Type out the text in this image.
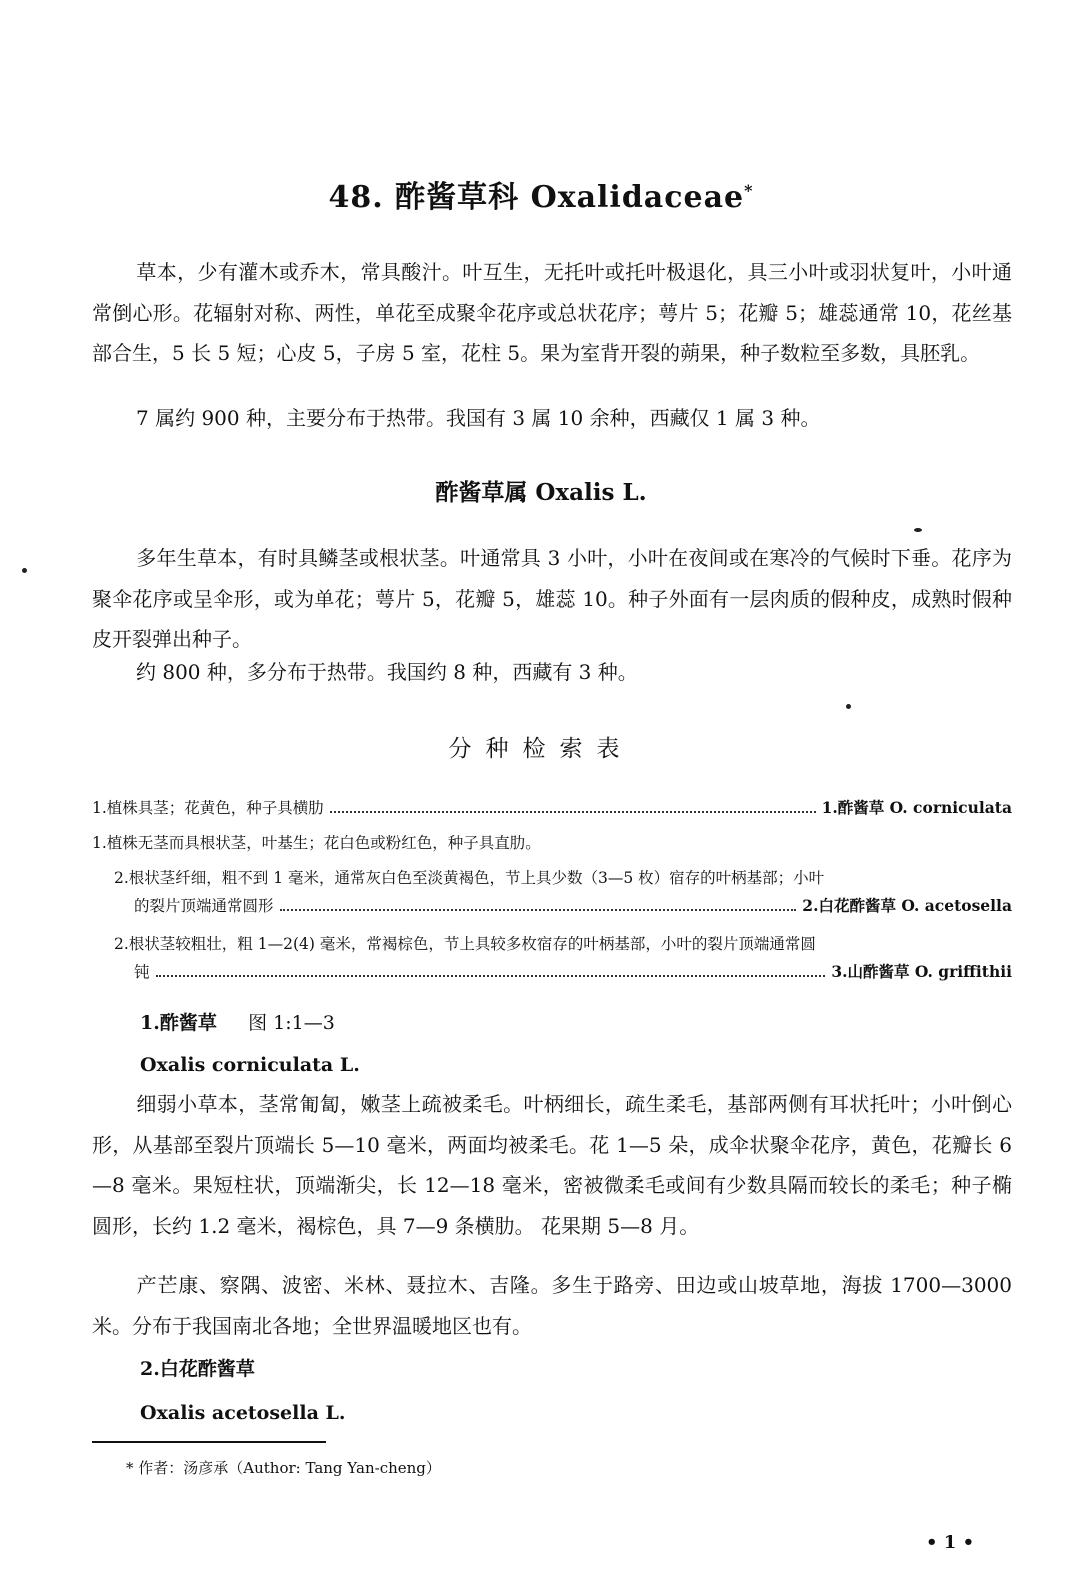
48. 酢酱草科 Oxalidaceae*
草本，少有灌木或乔木，常具酸汁。叶互生，无托叶或托叶极退化，具三小叶或羽状复叶，小叶通常倒心形。花辐射对称、两性，单花至成聚伞花序或总状花序；萼片 5；花瓣 5；雄蕊通常 10，花丝基部合生，5 长 5 短；心皮 5，子房 5 室，花柱 5。果为室背开裂的蒴果，种子数粒至多数，具胚乳。
7 属约 900 种，主要分布于热带。我国有 3 属 10 余种，西藏仅 1 属 3 种。
酢酱草属 Oxalis L.
多年生草本，有时具鳞茎或根状茎。叶通常具 3 小叶，小叶在夜间或在寒冷的气候时下垂。花序为聚伞花序或呈伞形，或为单花；萼片 5，花瓣 5，雄蕊 10。种子外面有一层肉质的假种皮，成熟时假种皮开裂弹出种子。
约 800 种，多分布于热带。我国约 8 种，西藏有 3 种。
分种检索表
1.植株具茎；花黄色，种子具横肋	1.酢酱草 O. corniculata
1.植株无茎而具根状茎，叶基生；花白色或粉红色，种子具直肋。
2.根状茎纤细，粗不到 1 毫米，通常灰白色至淡黄褐色，节上具少数（3—5 枚）宿存的叶柄基部；小叶
的裂片顶端通常圆形	2.白花酢酱草 O. acetosella
2.根状茎较粗壮，粗 1—2(4) 毫米，常褐棕色，节上具较多枚宿存的叶柄基部，小叶的裂片顶端通常圆
钝	3.山酢酱草 O. griffithii
1.酢酱草 图 1:1—3
Oxalis corniculata L.
细弱小草本，茎常匍匐，嫩茎上疏被柔毛。叶柄细长，疏生柔毛，基部两侧有耳状托叶；小叶倒心形，从基部至裂片顶端长 5—10 毫米，两面均被柔毛。花 1—5 朵，成伞状聚伞花序，黄色，花瓣长 6—8 毫米。果短柱状，顶端渐尖，长 12—18 毫米，密被微柔毛或间有少数具隔而较长的柔毛；种子椭圆形，长约 1.2 毫米，褐棕色，具 7—9 条横肋。 花果期 5—8 月。
产芒康、察隅、波密、米林、聂拉木、吉隆。多生于路旁、田边或山坡草地，海拔 1700—3000 米。分布于我国南北各地；全世界温暖地区也有。
2.白花酢酱草
Oxalis acetosella L.
* 作者：汤彦承（Author: Tang Yan-cheng）
• 1 •
